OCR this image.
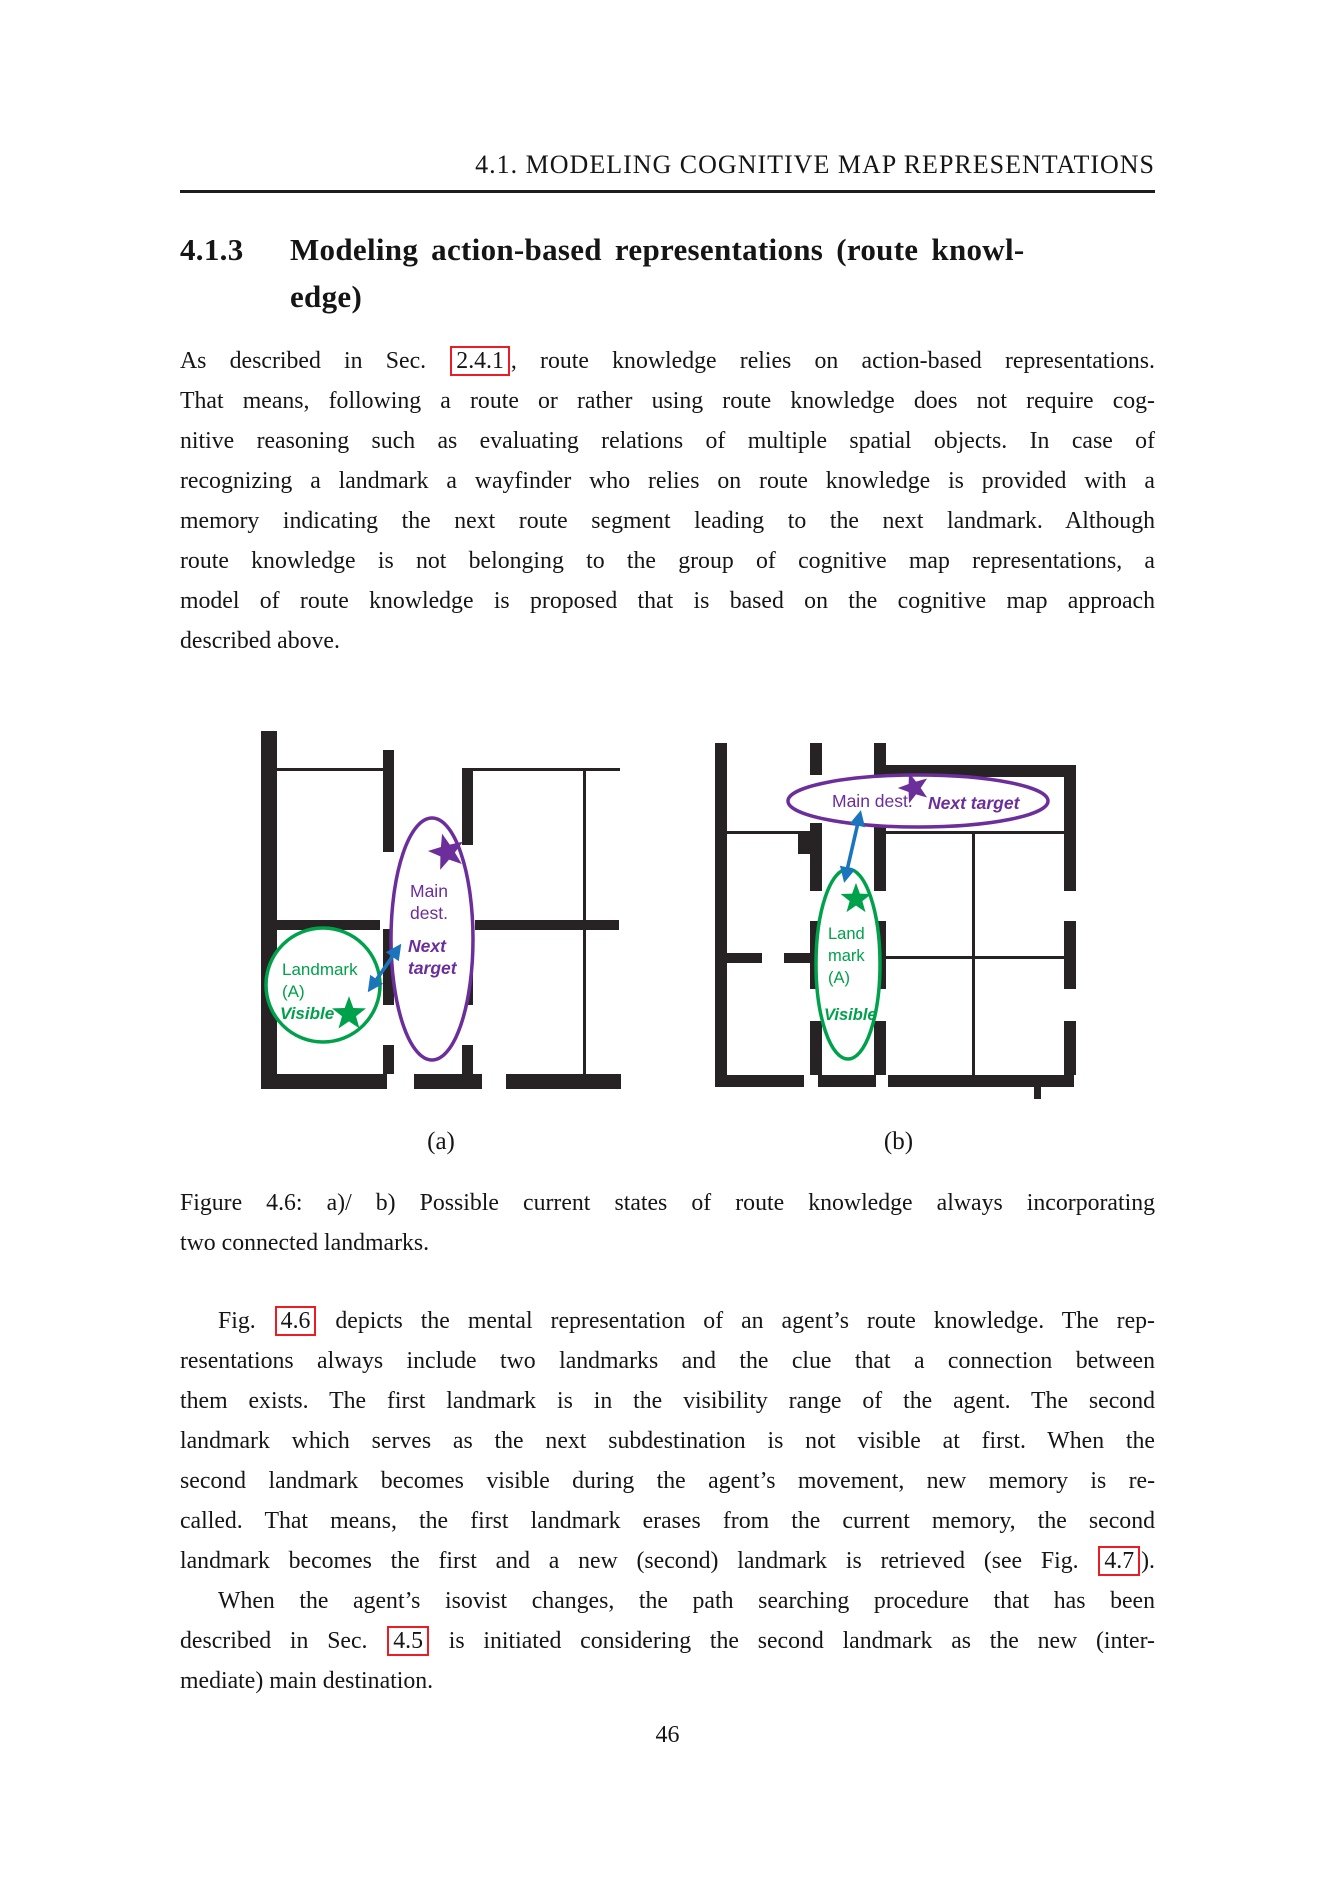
4.1. MODELING COGNITIVE MAP REPRESENTATIONS
4.1.3	Modeling action-based representations (route knowl-
edge)
As described in Sec. 2.4.1 , route knowledge relies on action-based representations.
That means, following a route or rather using route knowledge does not require cog-
nitive reasoning such as evaluating relations of multiple spatial objects. In case of
recognizing a landmark a wayfinder who relies on route knowledge is provided with a
memory indicating the next route segment leading to the next landmark. Although
route knowledge is not belonging to the group of cognitive map representations, a
model of route knowledge is proposed that is based on the cognitive map approach
described above.
Main
dest.
Next
target
Landmark
(A)
Visible
Main dest. Next target
Land
mark
(A)
Visible
(a)	(b)
Figure 4.6: a)/ b) Possible current states of route knowledge always incorporating
two connected landmarks.
Fig. 4.6 depicts the mental representation of an agent’s route knowledge. The rep-
resentations always include two landmarks and the clue that a connection between
them exists. The first landmark is in the visibility range of the agent. The second
landmark which serves as the next subdestination is not visible at first. When the
second landmark becomes visible during the agent’s movement, new memory is re-
called. That means, the first landmark erases from the current memory, the second
landmark becomes the first and a new (second) landmark is retrieved (see Fig. 4.7 ).
When the agent’s isovist changes, the path searching procedure that has been
described in Sec. 4.5 is initiated considering the second landmark as the new (inter-
mediate) main destination.
46
